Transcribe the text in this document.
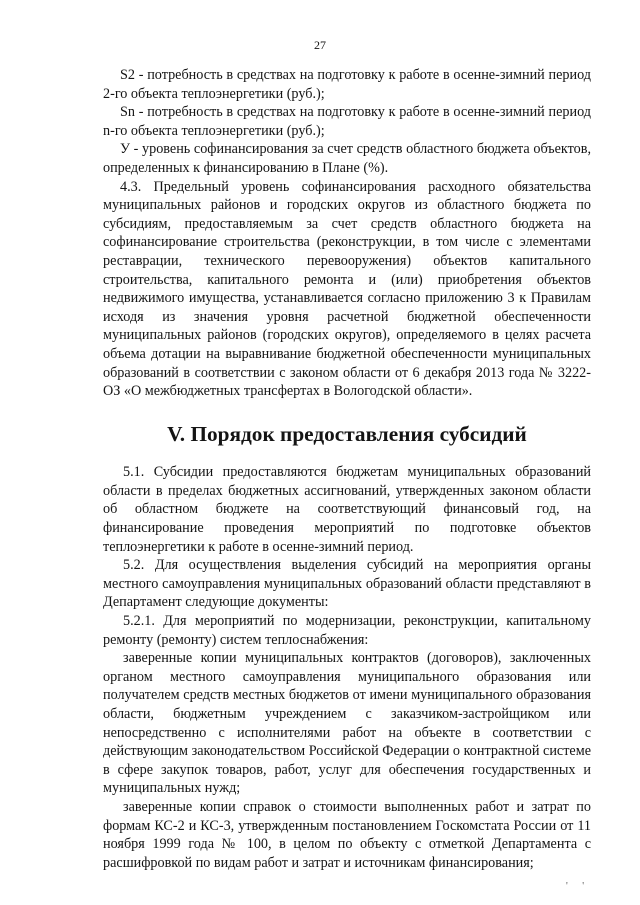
27

S2 - потребность в средствах на подготовку к работе в осенне-зимний период 2-го объекта теплоэнергетики (руб.);

Sn - потребность в средствах на подготовку к работе в осенне-зимний период n-го объекта теплоэнергетики (руб.);

У - уровень софинансирования за счет средств областного бюджета объектов, определенных к финансированию в Плане (%).

4.3. Предельный уровень софинансирования расходного обязательства муниципальных районов и городских округов из областного бюджета по субсидиям, предоставляемым за счет средств областного бюджета на софинансирование строительства (реконструкции, в том числе с элементами реставрации, технического перевооружения) объектов капитального строительства, капитального ремонта и (или) приобретения объектов недвижимого имущества, устанавливается согласно приложению 3 к Правилам исходя из значения уровня расчетной бюджетной обеспеченности муниципальных районов (городских округов), определяемого в целях расчета объема дотации на выравнивание бюджетной обеспеченности муниципальных образований в соответствии с законом области от 6 декабря 2013 года № 3222-ОЗ «О межбюджетных трансфертах в Вологодской области».

V. Порядок предоставления субсидий

5.1. Субсидии предоставляются бюджетам муниципальных образований области в пределах бюджетных ассигнований, утвержденных законом области об областном бюджете на соответствующий финансовый год, на финансирование проведения мероприятий по подготовке объектов теплоэнергетики к работе в осенне-зимний период.

5.2. Для осуществления выделения субсидий на мероприятия органы местного самоуправления муниципальных образований области представляют в Департамент следующие документы:

5.2.1. Для мероприятий по модернизации, реконструкции, капитальному ремонту (ремонту) систем теплоснабжения:

заверенные копии муниципальных контрактов (договоров), заключенных органом местного самоуправления муниципального образования или получателем средств местных бюджетов от имени муниципального образования области, бюджетным учреждением с заказчиком-застройщиком или непосредственно с исполнителями работ на объекте в соответствии с действующим законодательством Российской Федерации о контрактной системе в сфере закупок товаров, работ, услуг для обеспечения государственных и муниципальных нужд;

заверенные копии справок о стоимости выполненных работ и затрат по формам КС-2 и КС-3, утвержденным постановлением Госкомстата России от 11 ноября 1999 года № 100, в целом по объекту с отметкой Департамента с расшифровкой по видам работ и затрат и источникам финансирования;

' '
